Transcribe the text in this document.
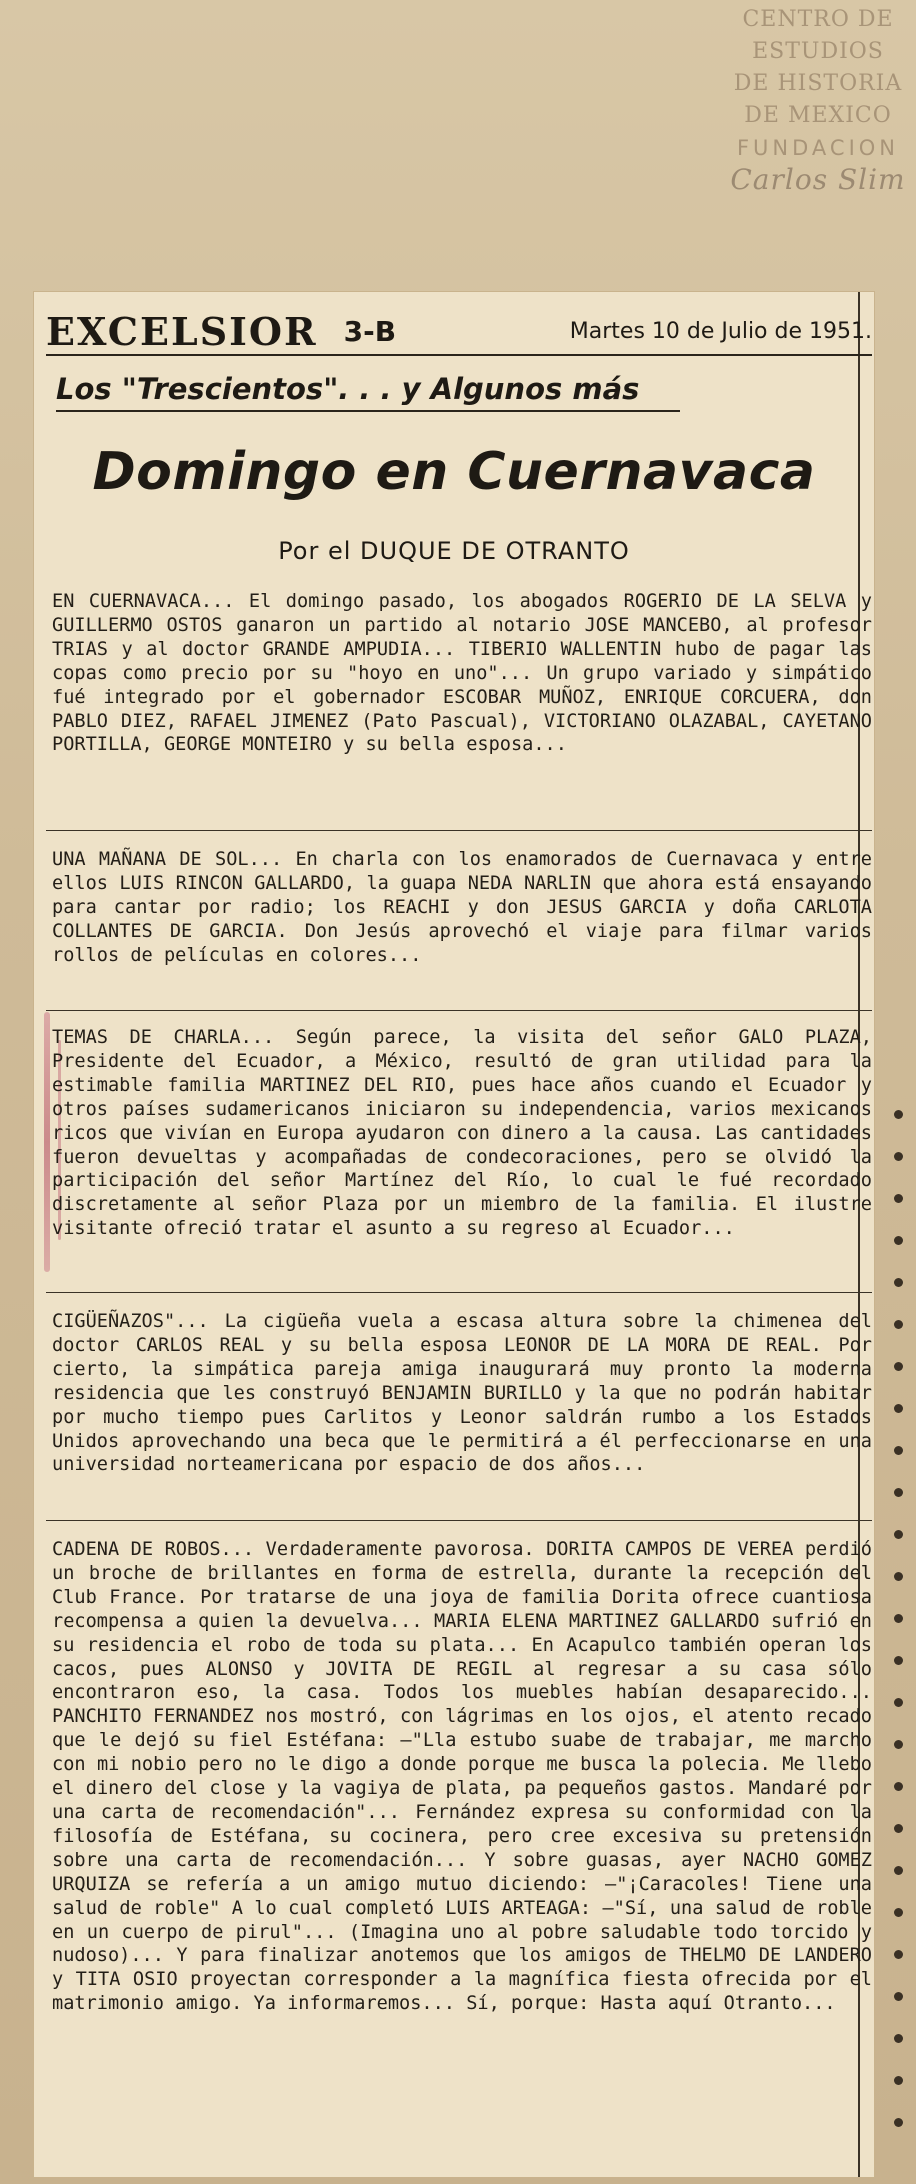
CENTRO DE
ESTUDIOS
DE HISTORIA
DE MEXICO
FUNDACION
Carlos Slim
EXCELSIOR 3-B	Martes 10 de Julio de 1951.
Los "Trescientos". . . y Algunos más
Domingo en Cuernavaca
Por el DUQUE DE OTRANTO

EN CUERNAVACA... El domingo pasado, los abogados ROGERIO DE LA SELVA y GUILLERMO OSTOS ganaron un partido al notario JOSE MANCEBO, al profesor TRIAS y al doctor GRANDE AMPUDIA... TIBERIO WALLENTIN hubo de pagar las copas como precio por su "hoyo en uno"... Un grupo variado y simpático fué integrado por el gobernador ESCOBAR MUÑOZ, ENRIQUE CORCUERA, don PABLO DIEZ, RAFAEL JIMENEZ (Pato Pascual), VICTORIANO OLAZABAL, CAYETANO PORTILLA, GEORGE MONTEIRO y su bella esposa...

UNA MAÑANA DE SOL... En charla con los enamorados de Cuernavaca y entre ellos LUIS RINCON GALLARDO, la guapa NEDA NARLIN que ahora está ensayando para cantar por radio; los REACHI y don JESUS GARCIA y doña CARLOTA COLLANTES DE GARCIA. Don Jesús aprovechó el viaje para filmar varios rollos de películas en colores...

TEMAS DE CHARLA... Según parece, la visita del señor GALO PLAZA, Presidente del Ecuador, a México, resultó de gran utilidad para la estimable familia MARTINEZ DEL RIO, pues hace años cuando el Ecuador y otros países sudamericanos iniciaron su independencia, varios mexicanos ricos que vivían en Europa ayudaron con dinero a la causa. Las cantidades fueron devueltas y acompañadas de condecoraciones, pero se olvidó la participación del señor Martínez del Río, lo cual le fué recordado discretamente al señor Plaza por un miembro de la familia. El ilustre visitante ofreció tratar el asunto a su regreso al Ecuador...

CIGÜEÑAZOS"... La cigüeña vuela a escasa altura sobre la chimenea del doctor CARLOS REAL y su bella esposa LEONOR DE LA MORA DE REAL. Por cierto, la simpática pareja amiga inaugurará muy pronto la moderna residencia que les construyó BENJAMIN BURILLO y la que no podrán habitar por mucho tiempo pues Carlitos y Leonor saldrán rumbo a los Estados Unidos aprovechando una beca que le permitirá a él perfeccionarse en una universidad norteamericana por espacio de dos años...

CADENA DE ROBOS... Verdaderamente pavorosa. DORITA CAMPOS DE VEREA perdió un broche de brillantes en forma de estrella, durante la recepción del Club France. Por tratarse de una joya de familia Dorita ofrece cuantiosa recompensa a quien la devuelva... MARIA ELENA MARTINEZ GALLARDO sufrió en su residencia el robo de toda su plata... En Acapulco también operan los cacos, pues ALONSO y JOVITA DE REGIL al regresar a su casa sólo encontraron eso, la casa. Todos los muebles habían desaparecido... PANCHITO FERNANDEZ nos mostró, con lágrimas en los ojos, el atento recado que le dejó su fiel Estéfana: —"Lla estubo suabe de trabajar, me marcho con mi nobio pero no le digo a donde porque me busca la polecia. Me llebo el dinero del close y la vagiya de plata, pa pequeños gastos. Mandaré por una carta de recomendación"... Fernández expresa su conformidad con la filosofía de Estéfana, su cocinera, pero cree excesiva su pretensión sobre una carta de recomendación... Y sobre guasas, ayer NACHO GOMEZ URQUIZA se refería a un amigo mutuo diciendo: —"¡Caracoles! Tiene una salud de roble" A lo cual completó LUIS ARTEAGA: —"Sí, una salud de roble en un cuerpo de pirul"... (Imagina uno al pobre saludable todo torcido y nudoso)... Y para finalizar anotemos que los amigos de THELMO DE LANDERO y TITA OSIO proyectan corresponder a la magnífica fiesta ofrecida por el matrimonio amigo. Ya informaremos... Sí, porque: Hasta aquí Otranto...
